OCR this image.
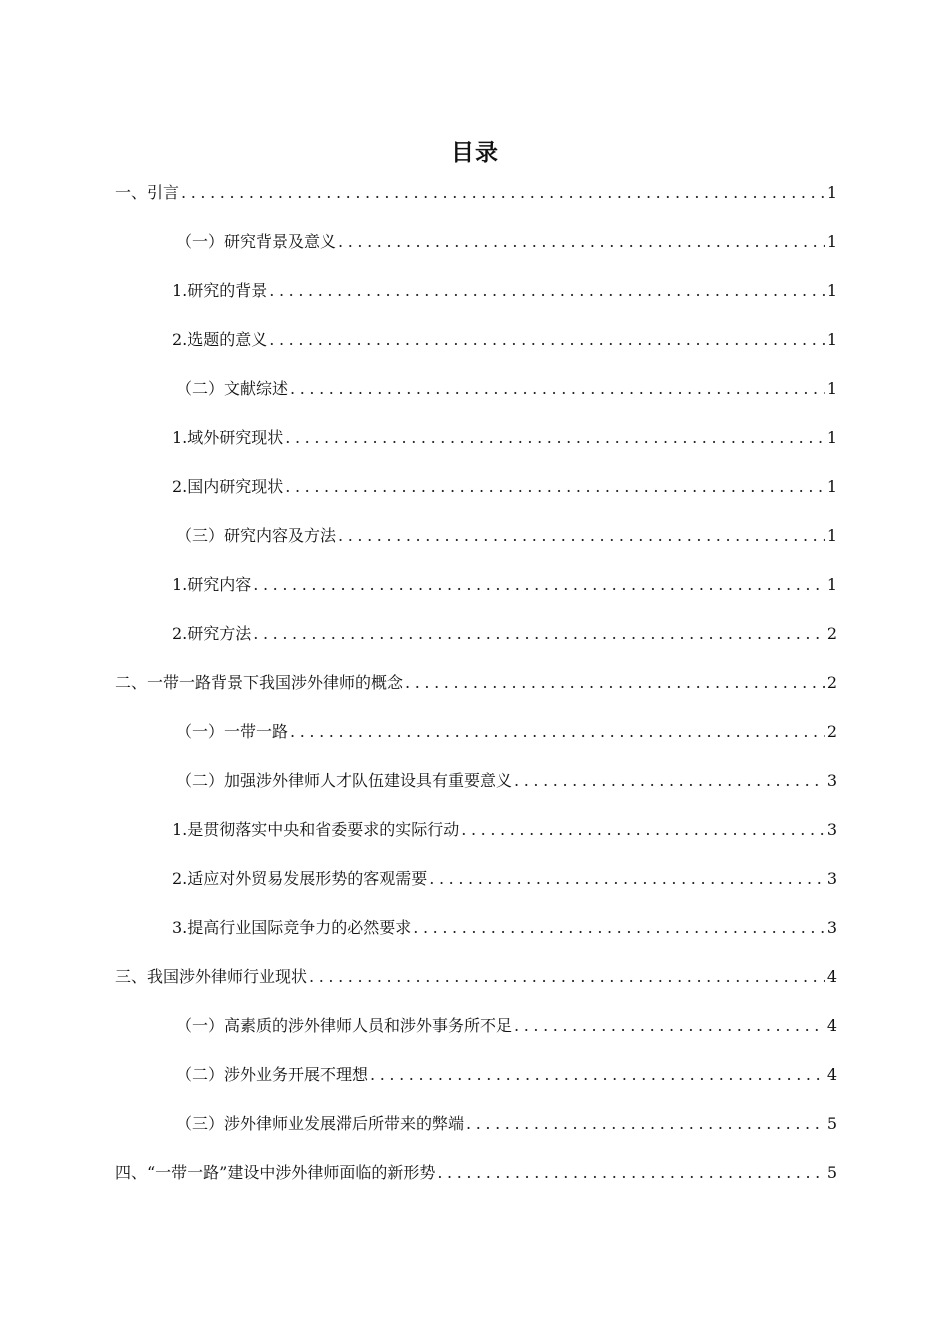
目录
一、引言 .....	1
（一）研究背景及意义 .....	1
1.研究的背景 .....	1
2.选题的意义 .....	1
（二）文献综述 .....	1
1.域外研究现状 .....	1
2.国内研究现状 .....	1
（三）研究内容及方法 .....	1
1.研究内容 .....	1
2.研究方法 .....	2
二、一带一路背景下我国涉外律师的概念 .....	2
（一）一带一路 .....	2
（二）加强涉外律师人才队伍建设具有重要意义 .....	3
1.是贯彻落实中央和省委要求的实际行动 .....	3
2.适应对外贸易发展形势的客观需要 .....	3
3.提高行业国际竞争力的必然要求 .....	3
三、我国涉外律师行业现状 .....	4
（一）高素质的涉外律师人员和涉外事务所不足 .....	4
（二）涉外业务开展不理想 .....	4
（三）涉外律师业发展滞后所带来的弊端 .....	5
四、“一带一路”建设中涉外律师面临的新形势 .....	5
